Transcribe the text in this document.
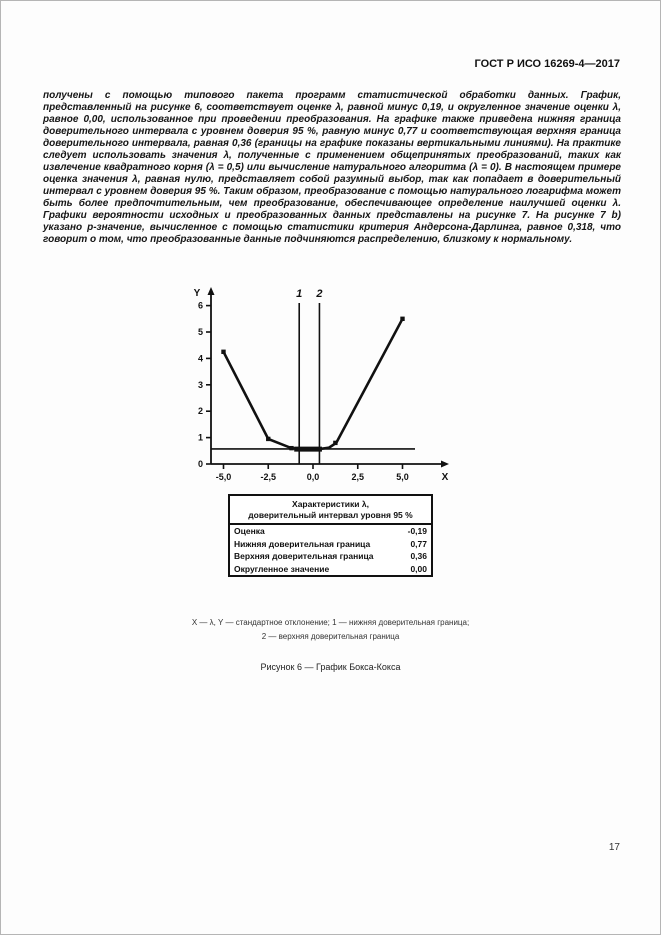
ГОСТ Р ИСО 16269-4—2017
получены с помощью типового пакета программ статистической обработки данных. График, представленный на рисунке 6, соответствует оценке λ, равной минус 0,19, и округленное значение оценки λ, равное 0,00, использованное при проведении преобразования. На графике также приведена нижняя граница доверительного интервала с уровнем доверия 95 %, равную минус 0,77 и соответствующая верхняя граница доверительного интервала, равная 0,36 (границы на графике показаны вертикальными линиями). На практике следует использовать значения λ, полученные с применением общепринятых преобразований, таких как извлечение квадратного корня (λ = 0,5) или вычисление натурального алгоритма (λ = 0). В настоящем примере оценка значения λ, равная нулю, представляет собой разумный выбор, так как попадает в доверительный интервал с уровнем доверия 95 %. Таким образом, преобразование с помощью натурального логарифма может быть более предпочтительным, чем преобразование, обеспечивающее определение наилучшей оценки λ. Графики вероятности исходных и преобразованных данных представлены на рисунке 7. На рисунке 7 b) указано p-значение, вычисленное с помощью статистики критерия Андерсона-Дарлинга, равное 0,318, что говорит о том, что преобразованные данные подчиняются распределению, близкому к нормальному.
1 2
0
1
2
3
4
5
6
-5,0	-2,5	0,0	2,5	5,0	X
Y
Характеристики λ,
доверительный интервал уровня 95 %
Оценка	-0,19
Нижняя доверительная граница	0,77
Верхняя доверительная граница	0,36
Округленное значение	0,00
X — λ, Y — стандартное отклонение; 1 — нижняя доверительная граница;
2 — верхняя доверительная граница
Рисунок 6 — График Бокса-Кокса
17
